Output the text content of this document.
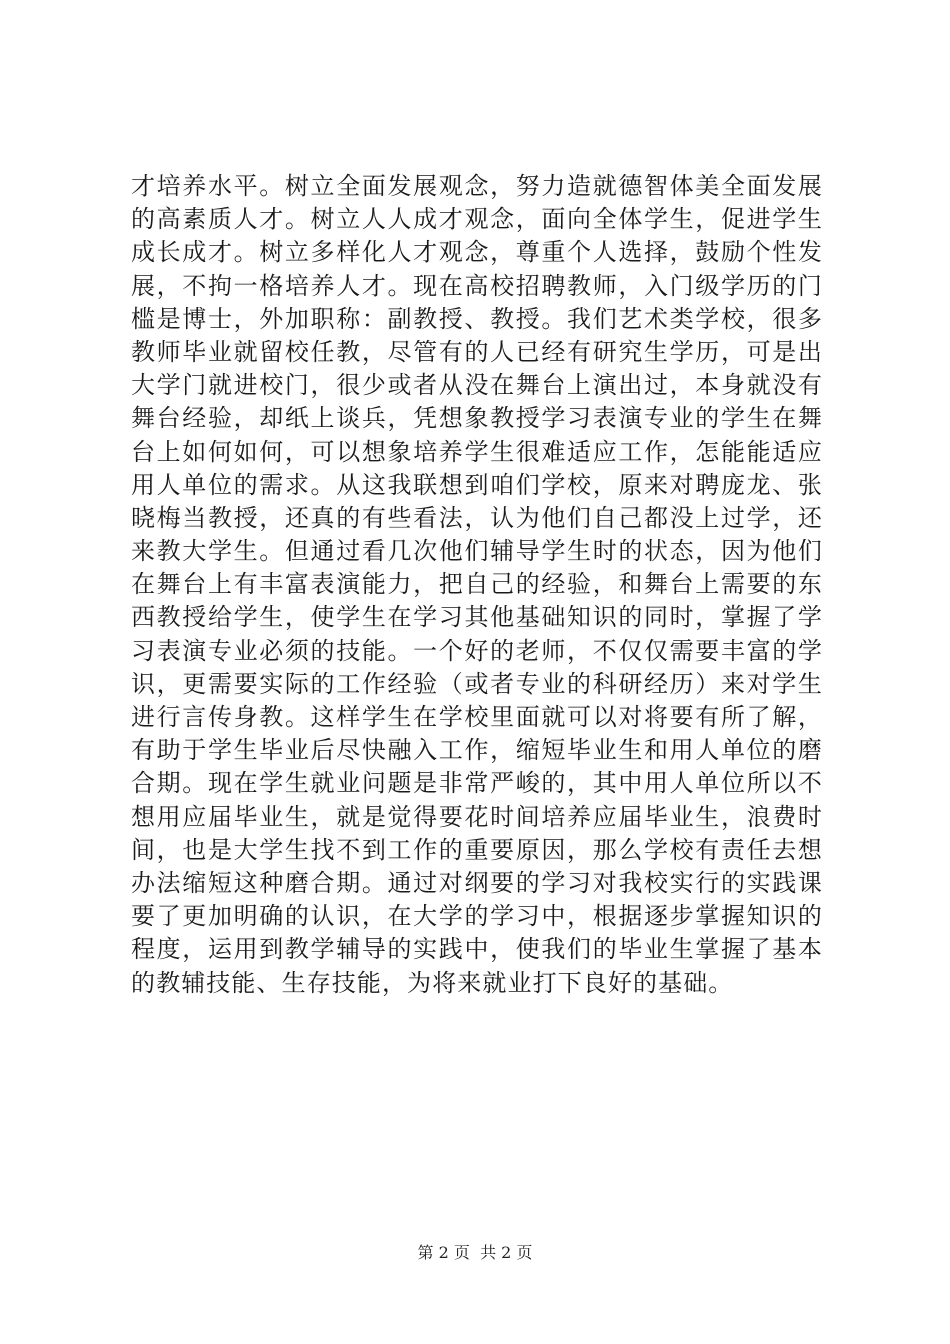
才培养水平。树立全面发展观念，努力造就德智体美全面发展
的高素质人才。树立人人成才观念，面向全体学生，促进学生
成长成才。树立多样化人才观念，尊重个人选择，鼓励个性发
展，不拘一格培养人才。现在高校招聘教师，入门级学历的门
槛是博士，外加职称：副教授、教授。我们艺术类学校，很多
教师毕业就留校任教，尽管有的人已经有研究生学历，可是出
大学门就进校门，很少或者从没在舞台上演出过，本身就没有
舞台经验，却纸上谈兵，凭想象教授学习表演专业的学生在舞
台上如何如何，可以想象培养学生很难适应工作，怎能能适应
用人单位的需求。从这我联想到咱们学校，原来对聘庞龙、张
晓梅当教授，还真的有些看法，认为他们自己都没上过学，还
来教大学生。但通过看几次他们辅导学生时的状态，因为他们
在舞台上有丰富表演能力，把自己的经验，和舞台上需要的东
西教授给学生，使学生在学习其他基础知识的同时，掌握了学
习表演专业必须的技能。一个好的老师，不仅仅需要丰富的学
识，更需要实际的工作经验（或者专业的科研经历）来对学生
进行言传身教。这样学生在学校里面就可以对将要有所了解，
有助于学生毕业后尽快融入工作，缩短毕业生和用人单位的磨
合期。现在学生就业问题是非常严峻的，其中用人单位所以不
想用应届毕业生，就是觉得要花时间培养应届毕业生，浪费时
间，也是大学生找不到工作的重要原因，那么学校有责任去想
办法缩短这种磨合期。通过对纲要的学习对我校实行的实践课
要了更加明确的认识，在大学的学习中，根据逐步掌握知识的
程度，运用到教学辅导的实践中，使我们的毕业生掌握了基本
的教辅技能、生存技能，为将来就业打下良好的基础。
第 2 页  共 2 页
